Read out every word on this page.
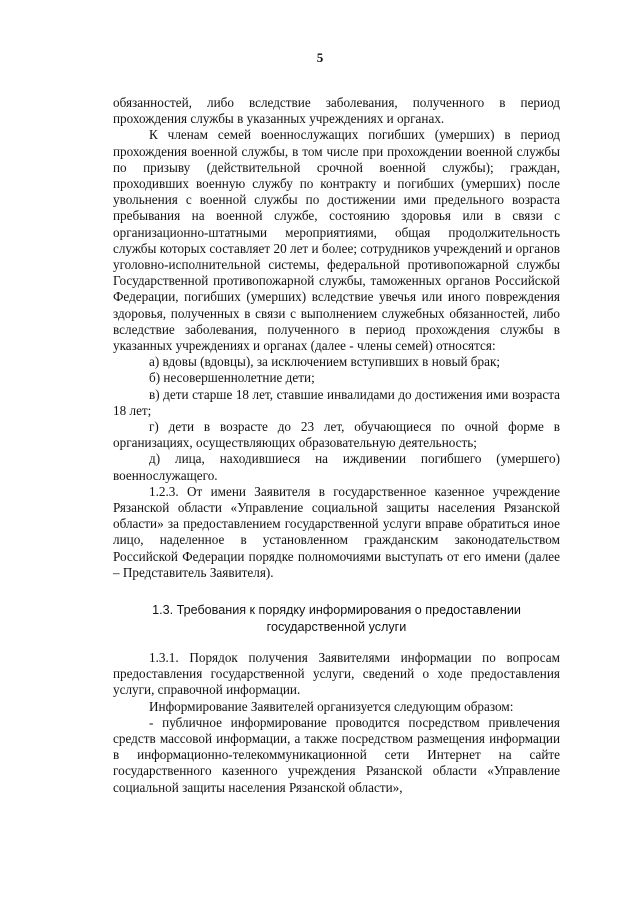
5

обязанностей, либо вследствие заболевания, полученного в период прохождения службы в указанных учреждениях и органах.

К членам семей военнослужащих погибших (умерших) в период прохождения военной службы, в том числе при прохождении военной службы по призыву (действительной срочной военной службы); граждан, проходивших военную службу по контракту и погибших (умерших) после увольнения с военной службы по достижении ими предельного возраста пребывания на военной службе, состоянию здоровья или в связи с организационно-штатными мероприятиями, общая продолжительность службы которых составляет 20 лет и более; сотрудников учреждений и органов уголовно-исполнительной системы, федеральной противопожарной службы Государственной противопожарной службы, таможенных органов Российской Федерации, погибших (умерших) вследствие увечья или иного повреждения здоровья, полученных в связи с выполнением служебных обязанностей, либо вследствие заболевания, полученного в период прохождения службы в указанных учреждениях и органах (далее - члены семей) относятся:

а) вдовы (вдовцы), за исключением вступивших в новый брак;

б) несовершеннолетние дети;

в) дети старше 18 лет, ставшие инвалидами до достижения ими возраста 18 лет;

г) дети в возрасте до 23 лет, обучающиеся по очной форме в организациях, осуществляющих образовательную деятельность;

д) лица, находившиеся на иждивении погибшего (умершего) военнослужащего.

1.2.3. От имени Заявителя в государственное казенное учреждение Рязанской области «Управление социальной защиты населения Рязанской области» за предоставлением государственной услуги вправе обратиться иное лицо, наделенное в установленном гражданским законодательством Российской Федерации порядке полномочиями выступать от его имени (далее – Представитель Заявителя).

1.3. Требования к порядку информирования о предоставлении
государственной услуги

1.3.1. Порядок получения Заявителями информации по вопросам предоставления государственной услуги, сведений о ходе предоставления услуги, справочной информации.

Информирование Заявителей организуется следующим образом:

- публичное информирование проводится посредством привлечения средств массовой информации, а также посредством размещения информации в информационно-телекоммуникационной сети Интернет на сайте государственного казенного учреждения Рязанской области «Управление социальной защиты населения Рязанской области»,
